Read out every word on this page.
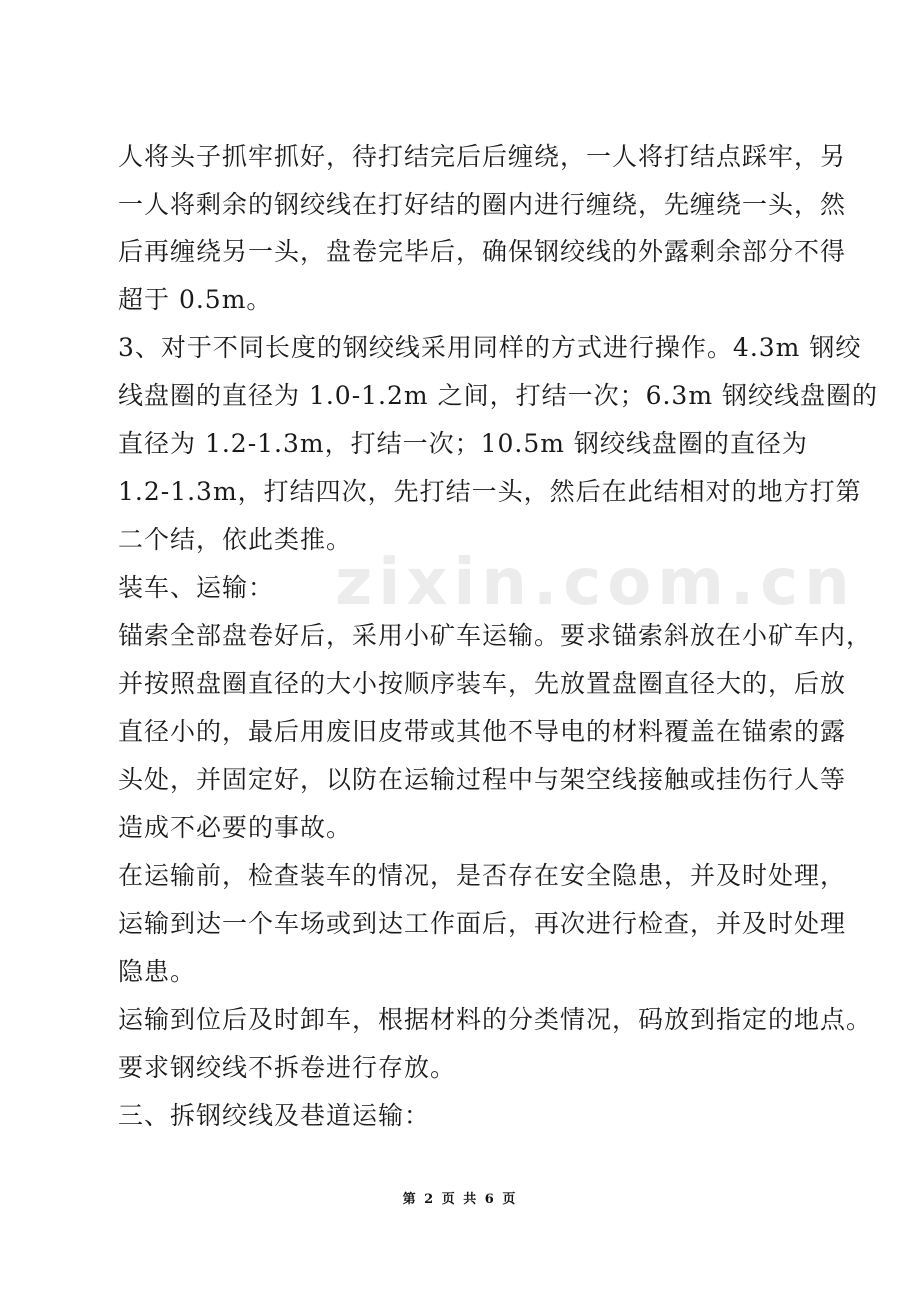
人将头子抓牢抓好，待打结完后后缠绕，一人将打结点踩牢，另
一人将剩余的钢绞线在打好结的圈内进行缠绕，先缠绕一头，然
后再缠绕另一头，盘卷完毕后，确保钢绞线的外露剩余部分不得
超于 0.5m。
3、对于不同长度的钢绞线采用同样的方式进行操作。4.3m 钢绞
线盘圈的直径为 1.0-1.2m 之间，打结一次；6.3m 钢绞线盘圈的
直径为 1.2-1.3m，打结一次；10.5m 钢绞线盘圈的直径为
1.2-1.3m，打结四次，先打结一头，然后在此结相对的地方打第
二个结，依此类推。
装车、运输：
锚索全部盘卷好后，采用小矿车运输。要求锚索斜放在小矿车内，
并按照盘圈直径的大小按顺序装车，先放置盘圈直径大的，后放
直径小的，最后用废旧皮带或其他不导电的材料覆盖在锚索的露
头处，并固定好，以防在运输过程中与架空线接触或挂伤行人等
造成不必要的事故。
在运输前，检查装车的情况，是否存在安全隐患，并及时处理，
运输到达一个车场或到达工作面后，再次进行检查，并及时处理
隐患。
运输到位后及时卸车，根据材料的分类情况，码放到指定的地点。
要求钢绞线不拆卷进行存放。
三、拆钢绞线及巷道运输：
zixin.com.cn
第 2 页 共 6 页
